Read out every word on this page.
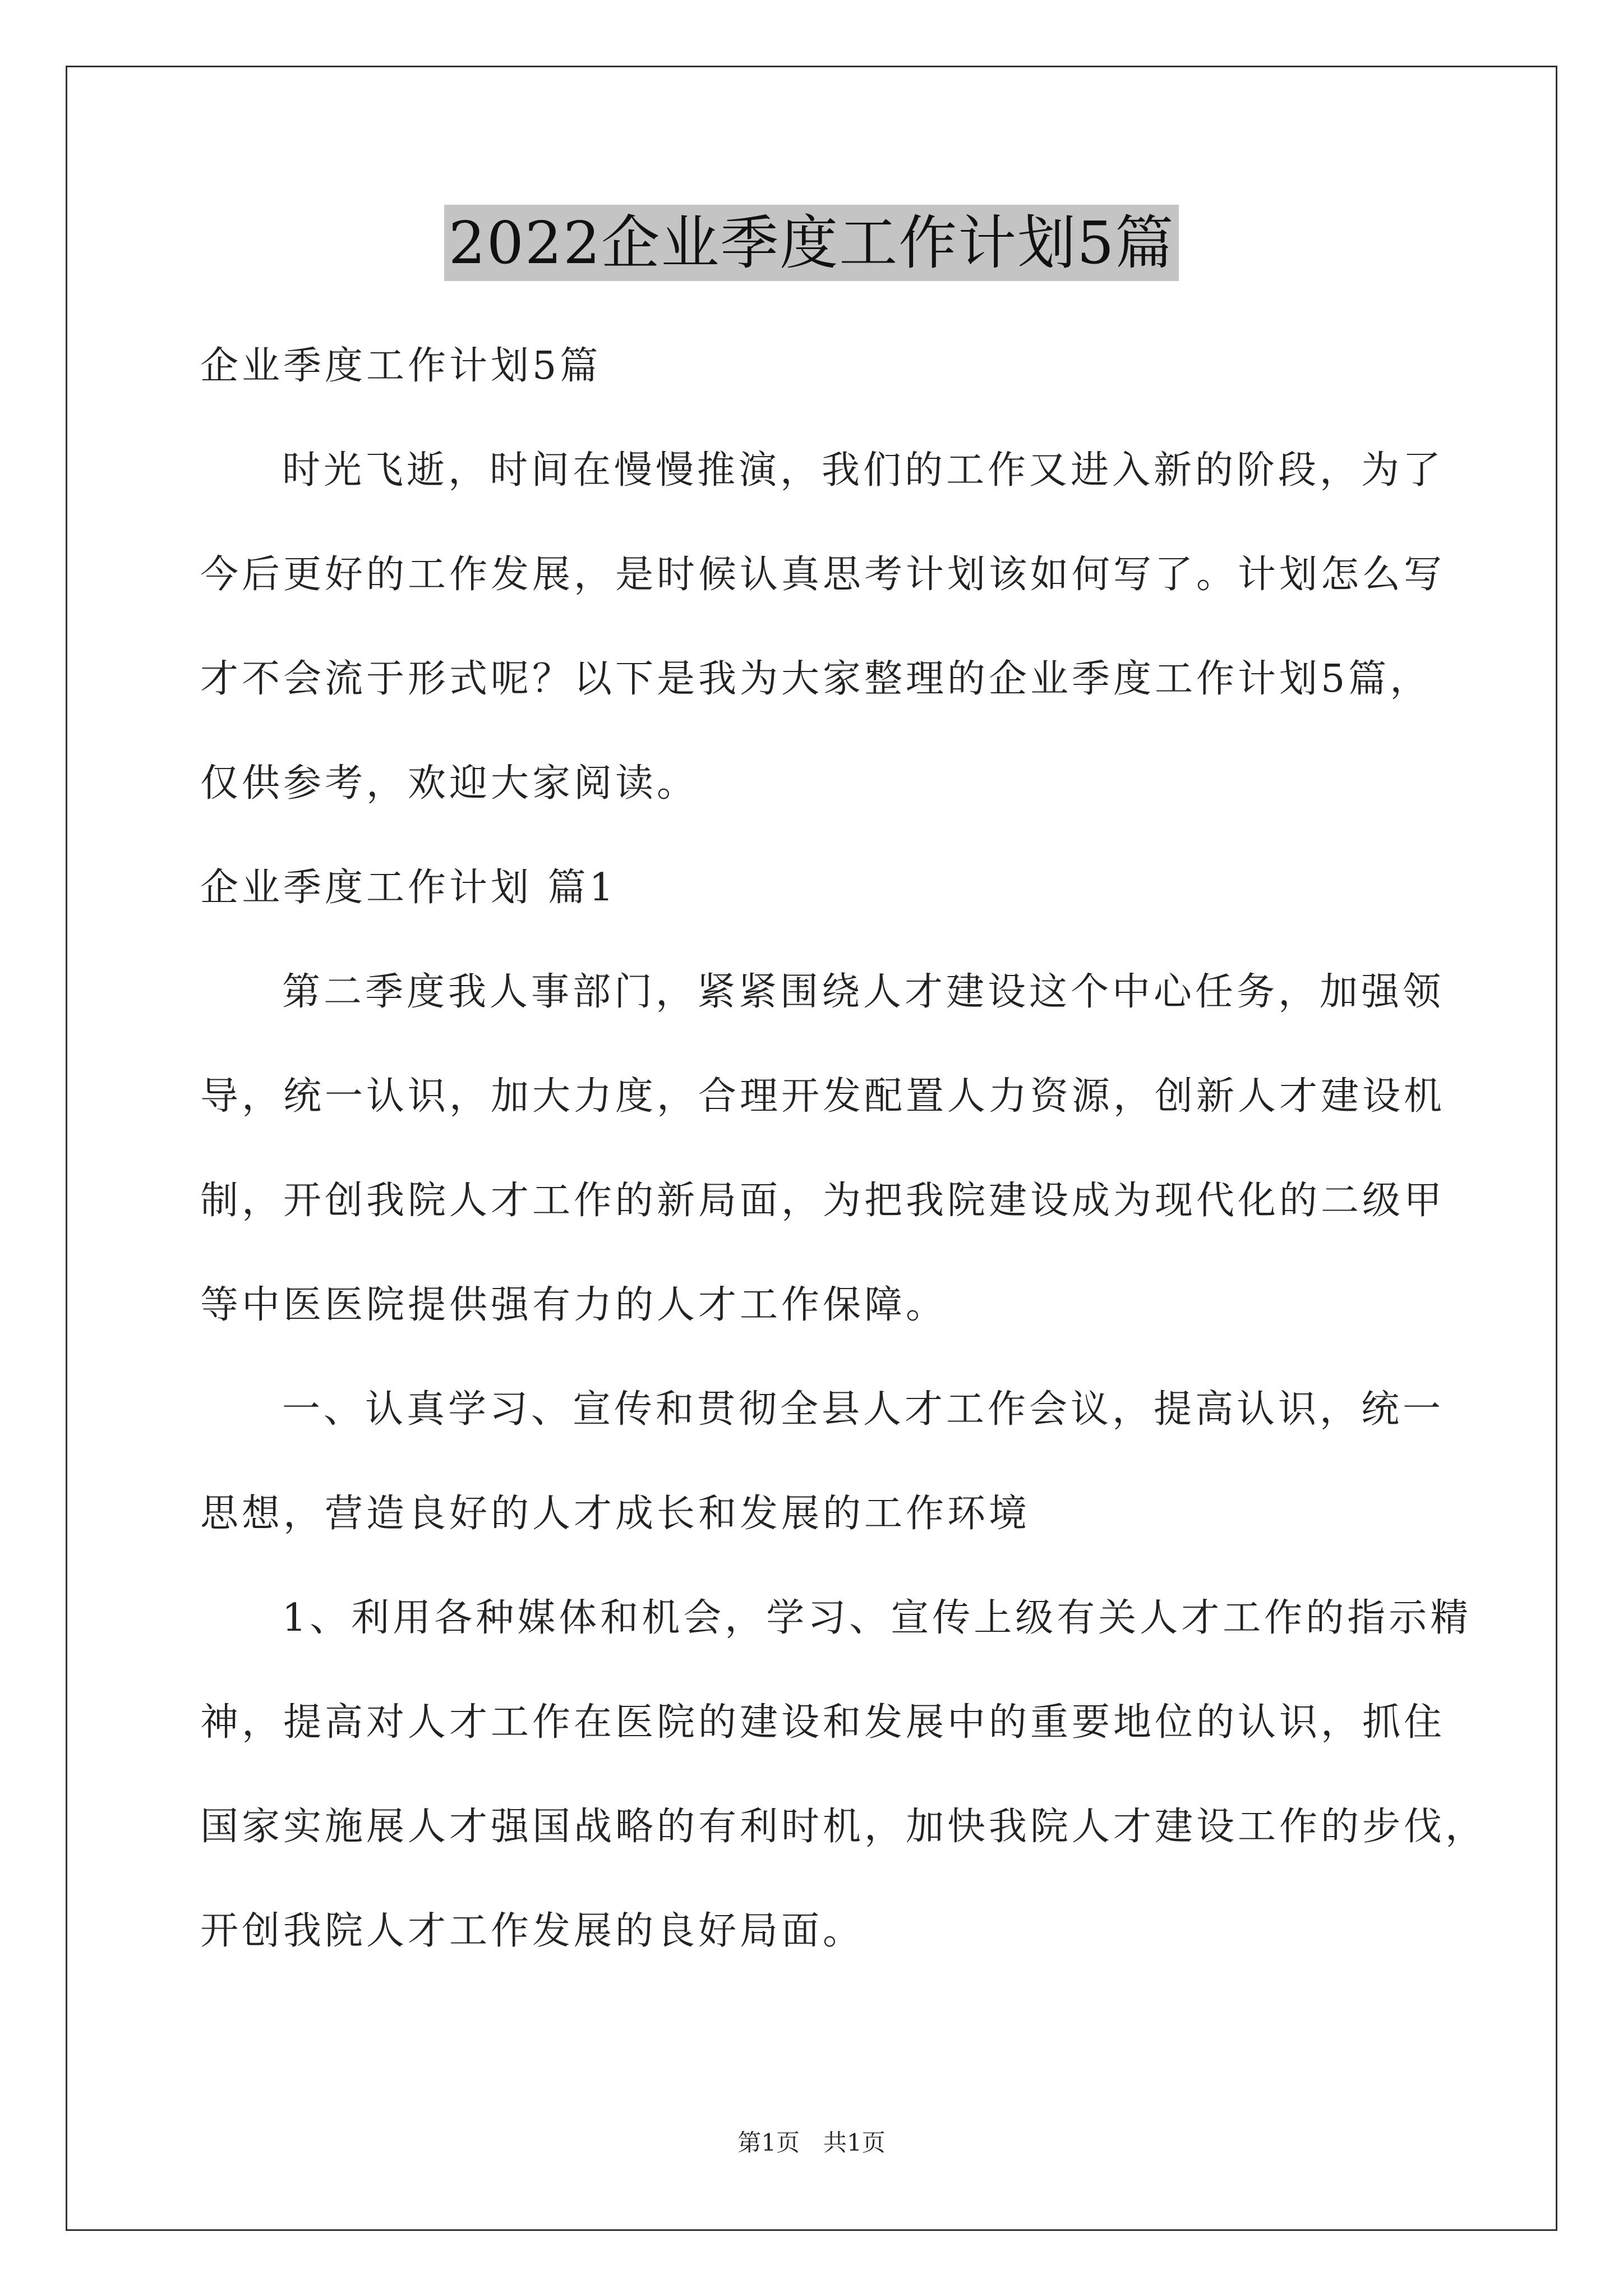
2022企业季度工作计划5篇
企业季度工作计划5篇
时光飞逝，时间在慢慢推演，我们的工作又进入新的阶段，为了
今后更好的工作发展，是时候认真思考计划该如何写了。计划怎么写
才不会流于形式呢？以下是我为大家整理的企业季度工作计划5篇，
仅供参考，欢迎大家阅读。
企业季度工作计划 篇1
第二季度我人事部门，紧紧围绕人才建设这个中心任务，加强领
导，统一认识，加大力度，合理开发配置人力资源，创新人才建设机
制，开创我院人才工作的新局面，为把我院建设成为现代化的二级甲
等中医医院提供强有力的人才工作保障。
一、认真学习、宣传和贯彻全县人才工作会议，提高认识，统一
思想，营造良好的人才成长和发展的工作环境
1、利用各种媒体和机会，学习、宣传上级有关人才工作的指示精
神，提高对人才工作在医院的建设和发展中的重要地位的认识，抓住
国家实施展人才强国战略的有利时机，加快我院人才建设工作的步伐，
开创我院人才工作发展的良好局面。
第1页　共1页
